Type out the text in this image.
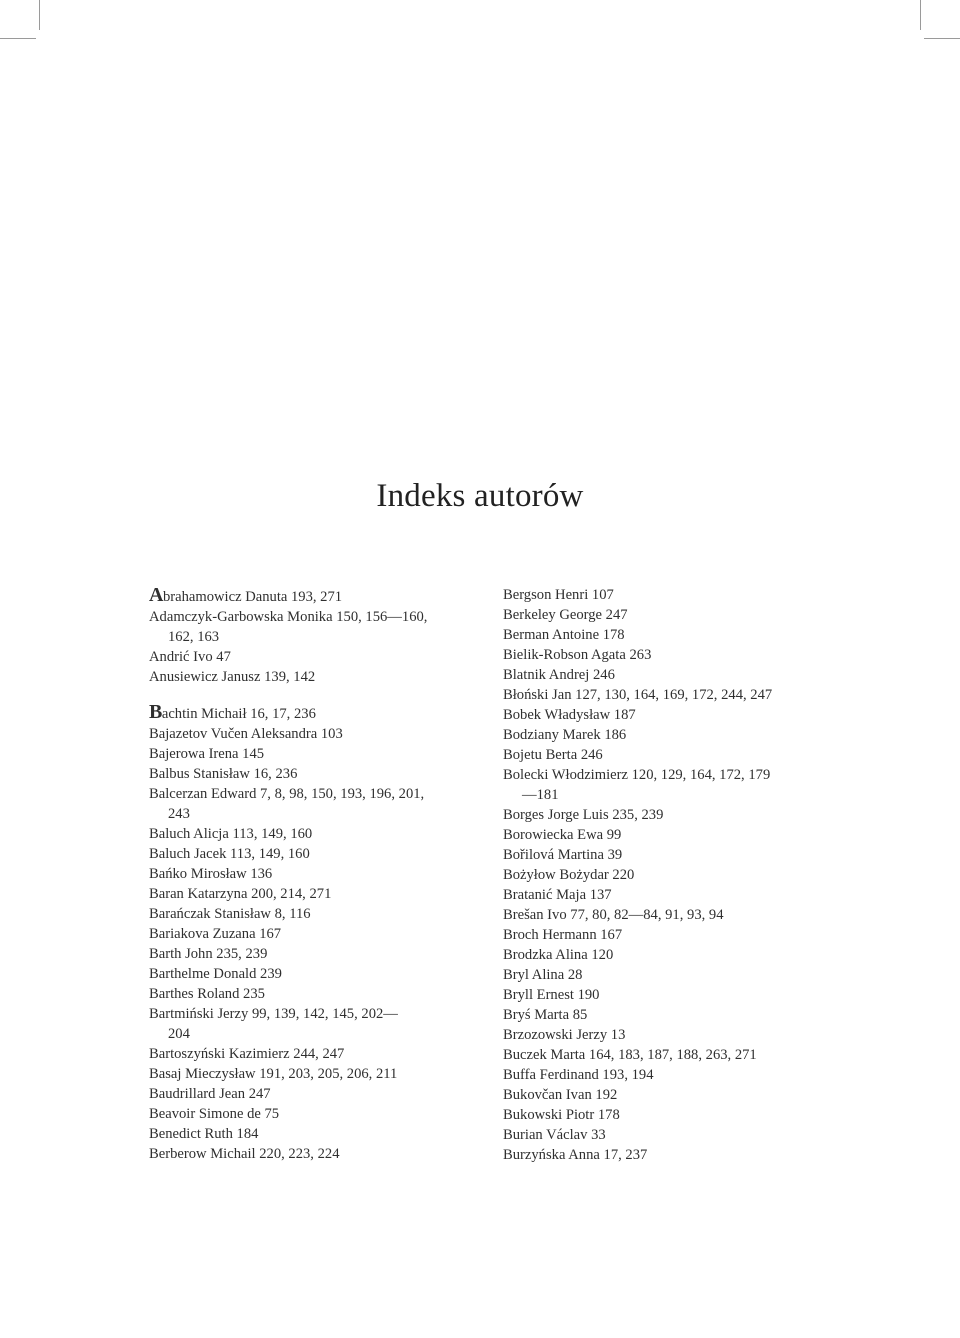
Indeks autorów
Abrahamowicz Danuta 193, 271
Adamczyk-Garbowska Monika 150, 156—160,
162, 163
Andrić Ivo 47
Anusiewicz Janusz 139, 142
Bachtin Michaił 16, 17, 236
Bajazetov Vučen Aleksandra 103
Bajerowa Irena 145
Balbus Stanisław 16, 236
Balcerzan Edward 7, 8, 98, 150, 193, 196, 201,
243
Baluch Alicja 113, 149, 160
Baluch Jacek 113, 149, 160
Bańko Mirosław 136
Baran Katarzyna 200, 214, 271
Barańczak Stanisław 8, 116
Bariakova Zuzana 167
Barth John 235, 239
Barthelme Donald 239
Barthes Roland 235
Bartmiński Jerzy 99, 139, 142, 145, 202—
204
Bartoszyński Kazimierz 244, 247
Basaj Mieczysław 191, 203, 205, 206, 211
Baudrillard Jean 247
Beavoir Simone de 75
Benedict Ruth 184
Berberow Michail 220, 223, 224
Bergson Henri 107
Berkeley George 247
Berman Antoine 178
Bielik-Robson Agata 263
Blatnik Andrej 246
Błoński Jan 127, 130, 164, 169, 172, 244, 247
Bobek Władysław 187
Bodziany Marek 186
Bojetu Berta 246
Bolecki Włodzimierz 120, 129, 164, 172, 179
—181
Borges Jorge Luis 235, 239
Borowiecka Ewa 99
Bořilová Martina 39
Bożyłow Bożydar 220
Bratanić Maja 137
Brešan Ivo 77, 80, 82—84, 91, 93, 94
Broch Hermann 167
Brodzka Alina 120
Bryl Alina 28
Bryll Ernest 190
Bryś Marta 85
Brzozowski Jerzy 13
Buczek Marta 164, 183, 187, 188, 263, 271
Buffa Ferdinand 193, 194
Bukovčan Ivan 192
Bukowski Piotr 178
Burian Václav 33
Burzyńska Anna 17, 237
